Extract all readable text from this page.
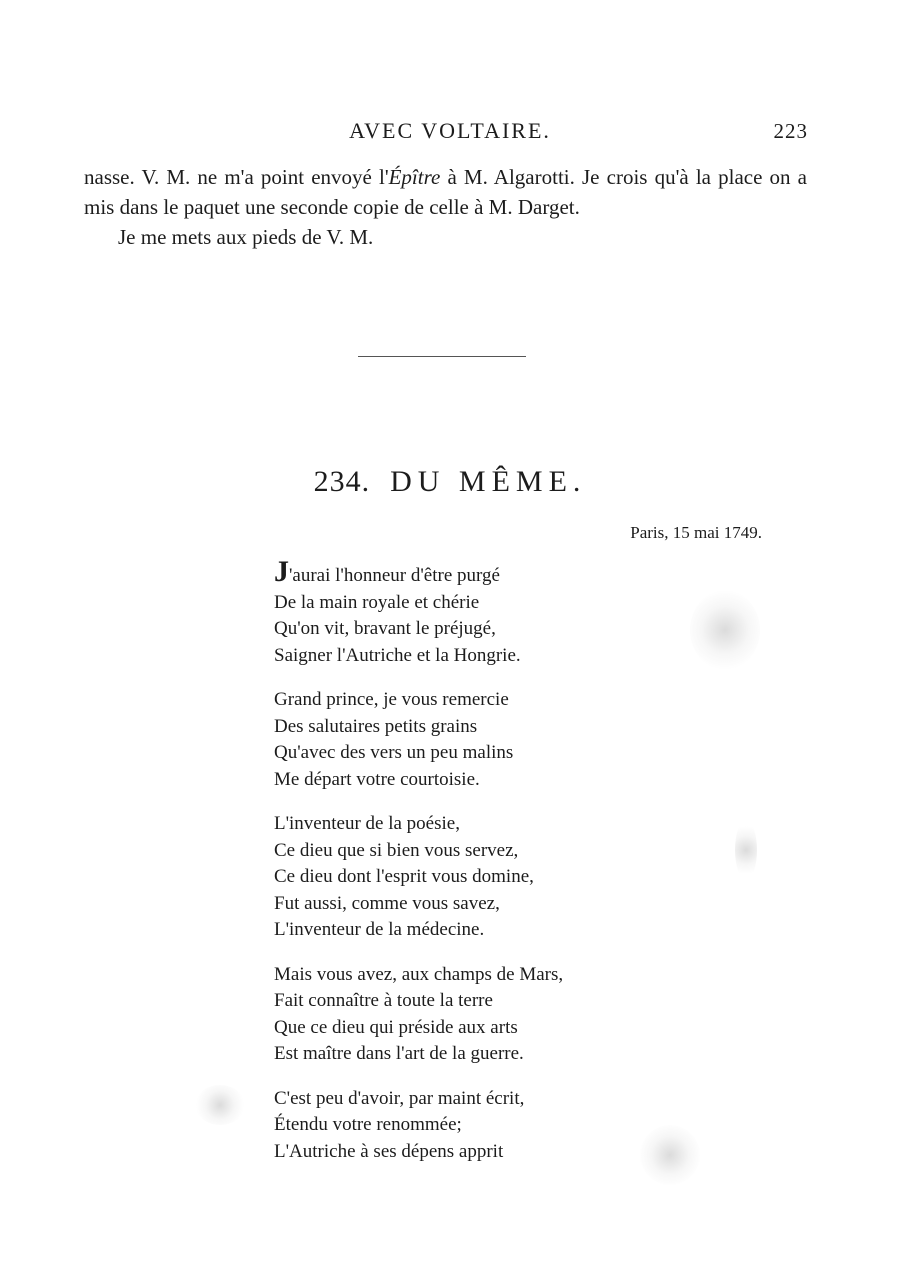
AVEC VOLTAIRE.	223

nasse. V. M. ne m'a point envoyé l'Épître à M. Algarotti. Je crois qu'à la place on a mis dans le paquet une seconde copie de celle à M. Darget.

Je me mets aux pieds de V. M.

234. DU MÊME.
Paris, 15 mai 1749.
J'aurai l'honneur d'être purgé
De la main royale et chérie
Qu'on vit, bravant le préjugé,
Saigner l'Autriche et la Hongrie.
Grand prince, je vous remercie
Des salutaires petits grains
Qu'avec des vers un peu malins
Me départ votre courtoisie.
L'inventeur de la poésie,
Ce dieu que si bien vous servez,
Ce dieu dont l'esprit vous domine,
Fut aussi, comme vous savez,
L'inventeur de la médecine.
Mais vous avez, aux champs de Mars,
Fait connaître à toute la terre
Que ce dieu qui préside aux arts
Est maître dans l'art de la guerre.
C'est peu d'avoir, par maint écrit,
Étendu votre renommée;
L'Autriche à ses dépens apprit
